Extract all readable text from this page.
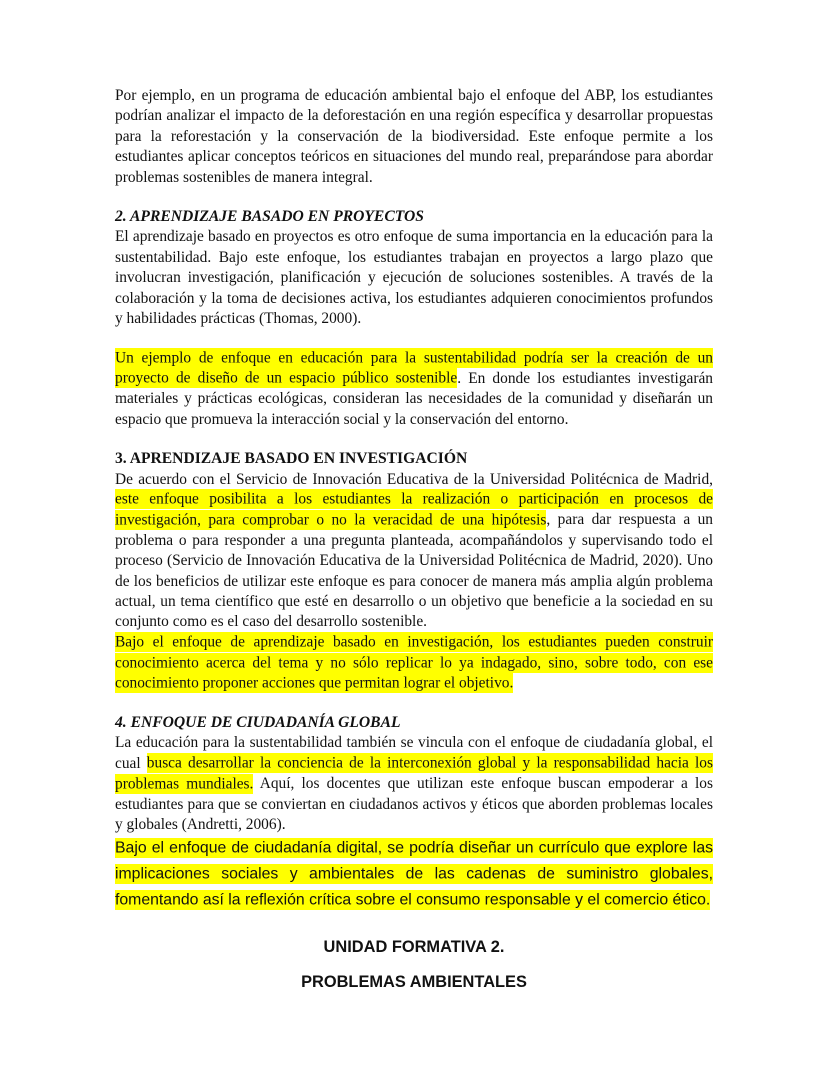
Por ejemplo, en un programa de educación ambiental bajo el enfoque del ABP, los estudiantes podrían analizar el impacto de la deforestación en una región específica y desarrollar propuestas para la reforestación y la conservación de la biodiversidad. Este enfoque permite a los estudiantes aplicar conceptos teóricos en situaciones del mundo real, preparándose para abordar problemas sostenibles de manera integral.

2. APRENDIZAJE BASADO EN PROYECTOS

El aprendizaje basado en proyectos es otro enfoque de suma importancia en la educación para la sustentabilidad. Bajo este enfoque, los estudiantes trabajan en proyectos a largo plazo que involucran investigación, planificación y ejecución de soluciones sostenibles. A través de la colaboración y la toma de decisiones activa, los estudiantes adquieren conocimientos profundos y habilidades prácticas (Thomas, 2000).

Un ejemplo de enfoque en educación para la sustentabilidad podría ser la creación de un proyecto de diseño de un espacio público sostenible. En donde los estudiantes investigarán materiales y prácticas ecológicas, consideran las necesidades de la comunidad y diseñarán un espacio que promueva la interacción social y la conservación del entorno.

3. APRENDIZAJE BASADO EN INVESTIGACIÓN

De acuerdo con el Servicio de Innovación Educativa de la Universidad Politécnica de Madrid, este enfoque posibilita a los estudiantes la realización o participación en procesos de investigación, para comprobar o no la veracidad de una hipótesis, para dar respuesta a un problema o para responder a una pregunta planteada, acompañándolos y supervisando todo el proceso (Servicio de Innovación Educativa de la Universidad Politécnica de Madrid, 2020). Uno de los beneficios de utilizar este enfoque es para conocer de manera más amplia algún problema actual, un tema científico que esté en desarrollo o un objetivo que beneficie a la sociedad en su conjunto como es el caso del desarrollo sostenible.

Bajo el enfoque de aprendizaje basado en investigación, los estudiantes pueden construir conocimiento acerca del tema y no sólo replicar lo ya indagado, sino, sobre todo, con ese conocimiento proponer acciones que permitan lograr el objetivo.

4. ENFOQUE DE CIUDADANÍA GLOBAL

La educación para la sustentabilidad también se vincula con el enfoque de ciudadanía global, el cual busca desarrollar la conciencia de la interconexión global y la responsabilidad hacia los problemas mundiales. Aquí, los docentes que utilizan este enfoque buscan empoderar a los estudiantes para que se conviertan en ciudadanos activos y éticos que aborden problemas locales y globales (Andretti, 2006).

Bajo el enfoque de ciudadanía digital, se podría diseñar un currículo que explore las implicaciones sociales y ambientales de las cadenas de suministro globales, fomentando así la reflexión crítica sobre el consumo responsable y el comercio ético.

UNIDAD FORMATIVA 2.

PROBLEMAS AMBIENTALES
